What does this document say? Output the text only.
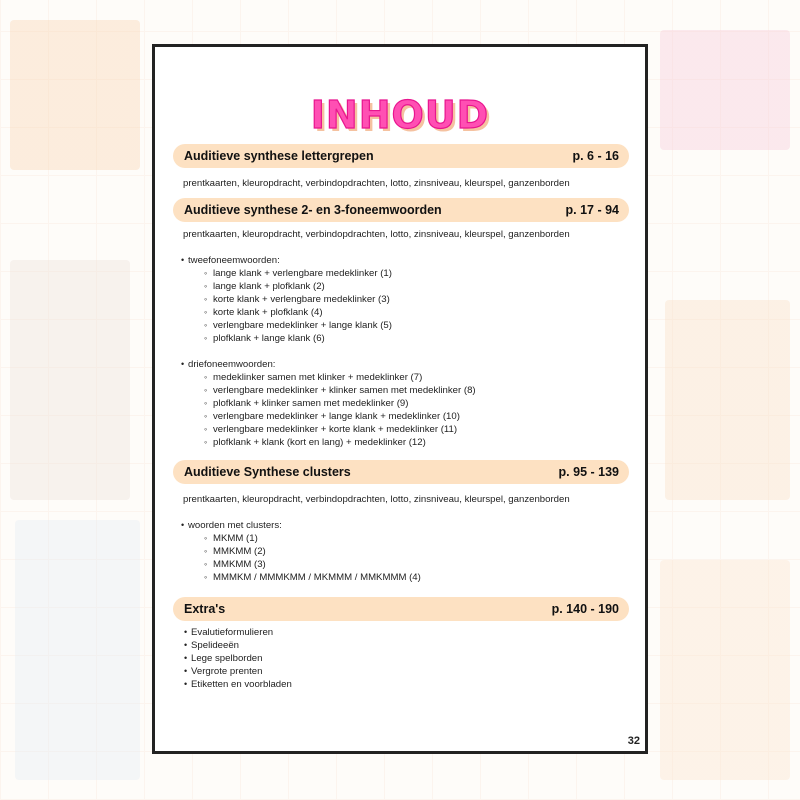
INHOUD
Auditieve synthese lettergrepen	p. 6 - 16
prentkaarten, kleuropdracht, verbindopdrachten, lotto, zinsniveau, kleurspel, ganzenborden
Auditieve synthese 2- en 3-foneemwoorden	p. 17 - 94
prentkaarten, kleuropdracht, verbindopdrachten, lotto, zinsniveau, kleurspel, ganzenborden
• tweefoneemwoorden:
◦ lange klank + verlengbare medeklinker (1)
◦ lange klank + plofklank (2)
◦ korte klank + verlengbare medeklinker (3)
◦ korte klank + plofklank (4)
◦ verlengbare medeklinker + lange klank (5)
◦ plofklank + lange klank (6)
• driefoneemwoorden:
◦ medeklinker samen met klinker + medeklinker (7)
◦ verlengbare medeklinker + klinker samen met medeklinker (8)
◦ plofklank + klinker samen met medeklinker (9)
◦ verlengbare medeklinker + lange klank + medeklinker (10)
◦ verlengbare medeklinker + korte klank + medeklinker (11)
◦ plofklank + klank (kort en lang) + medeklinker (12)
Auditieve Synthese clusters	p. 95 - 139
prentkaarten, kleuropdracht, verbindopdrachten, lotto, zinsniveau, kleurspel, ganzenborden
• woorden met clusters:
◦ MKMM (1)
◦ MMKMM (2)
◦ MMKMM (3)
◦ MMMKM / MMMKMM / MKMMM / MMKMMM (4)
Extra's	p. 140 - 190
• Evalutieformulieren
• Spelideeën
• Lege spelborden
• Vergrote prenten
• Etiketten en voorbladen
32
